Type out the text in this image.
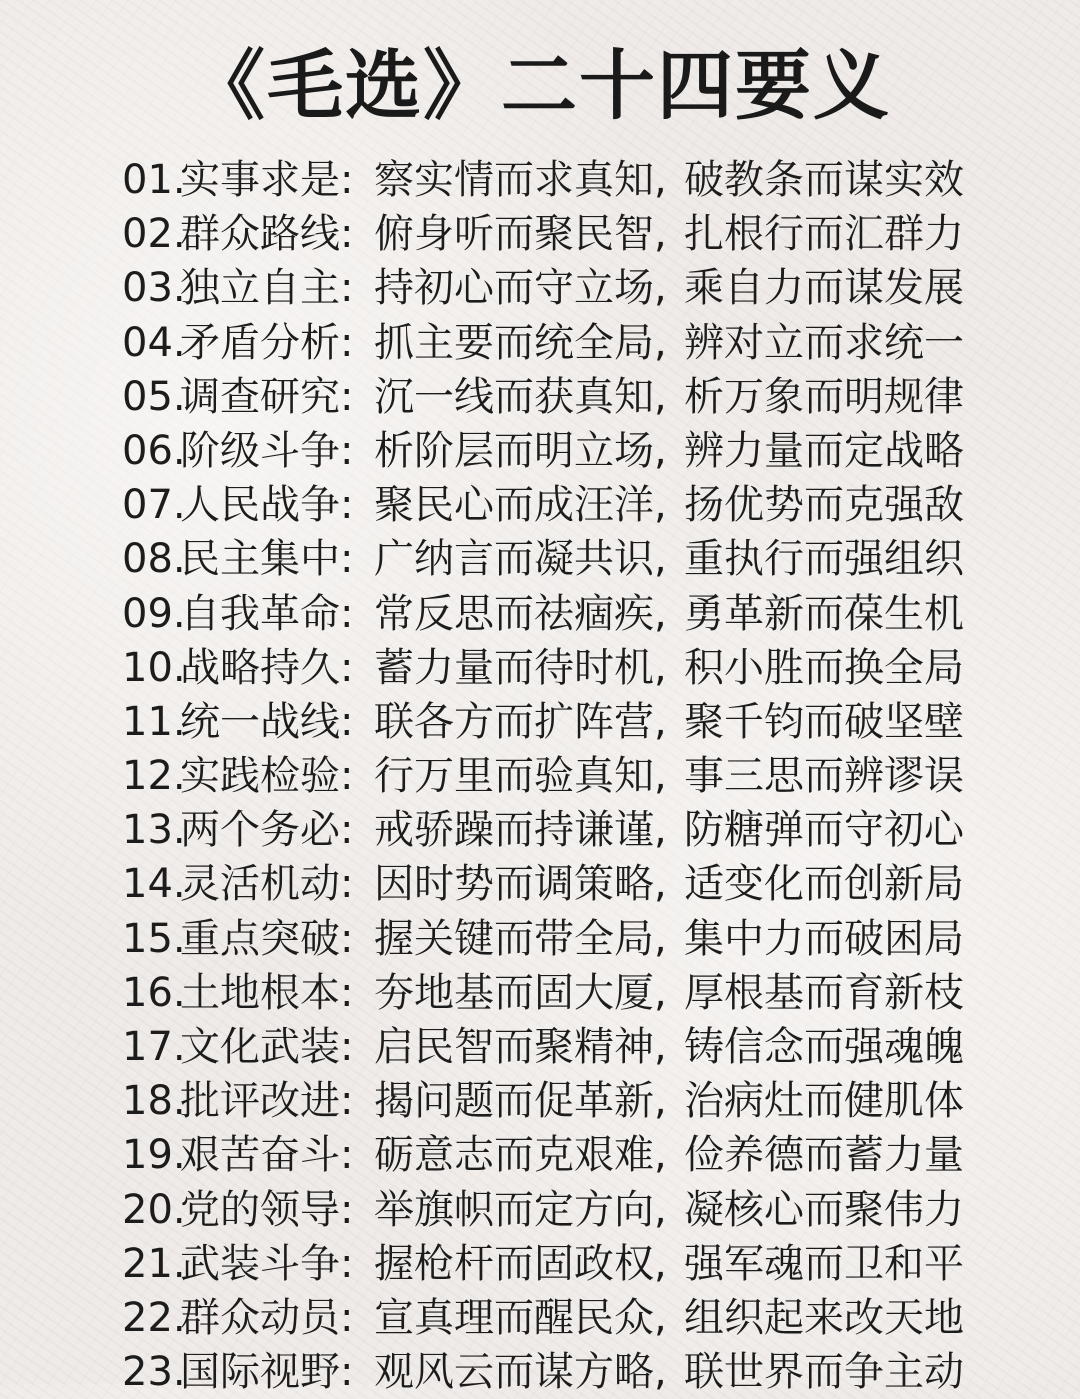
《毛选》二十四要义
01.
实事求是: 察实情而求真知, 破教条而谋实效
02.
群众路线: 俯身听而聚民智, 扎根行而汇群力
03.
独立自主: 持初心而守立场, 乘自力而谋发展
04.
矛盾分析: 抓主要而统全局, 辨对立而求统一
05.
调查研究: 沉一线而获真知, 析万象而明规律
06.
阶级斗争: 析阶层而明立场, 辨力量而定战略
07.
人民战争: 聚民心而成汪洋, 扬优势而克强敌
08.
民主集中: 广纳言而凝共识, 重执行而强组织
09.
自我革命: 常反思而祛痼疾, 勇革新而葆生机
10.
战略持久: 蓄力量而待时机, 积小胜而换全局
11.
统一战线: 联各方而扩阵营, 聚千钧而破坚壁
12.
实践检验: 行万里而验真知, 事三思而辨谬误
13.
两个务必: 戒骄躁而持谦谨, 防糖弹而守初心
14.
灵活机动: 因时势而调策略, 适变化而创新局
15.
重点突破: 握关键而带全局, 集中力而破困局
16.
土地根本: 夯地基而固大厦, 厚根基而育新枝
17.
文化武装: 启民智而聚精神, 铸信念而强魂魄
18.
批评改进: 揭问题而促革新, 治病灶而健肌体
19.
艰苦奋斗: 砺意志而克艰难, 俭养德而蓄力量
20.
党的领导: 举旗帜而定方向, 凝核心而聚伟力
21.
武装斗争: 握枪杆而固政权, 强军魂而卫和平
22.
群众动员: 宣真理而醒民众, 组织起来改天地
23.
国际视野: 观风云而谋方略, 联世界而争主动
